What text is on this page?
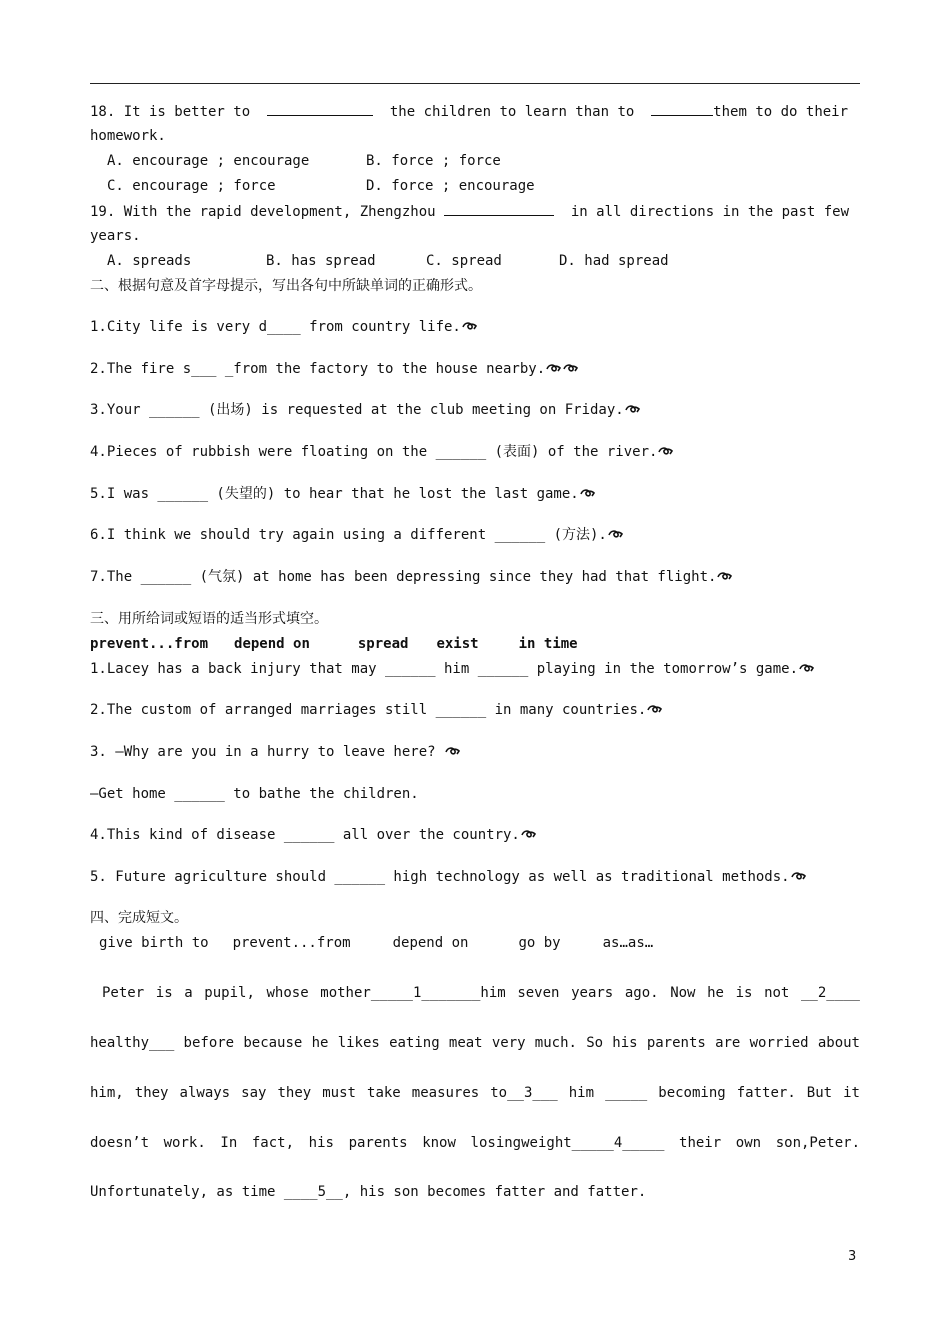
18. It is better to	the children to learn than to	them to do their
homework.
A. encourage ; encourage	B. force ; force
C. encourage ; force	D. force ; encourage
19. With the rapid development, Zhengzhou	in all directions in the past few
years.
A. spreads	B. has spread	C. spread	D. had spread
二、根据句意及首字母提示，写出各句中所缺单词的正确形式。
1.City life is very d____ from country life.
2.The fire s___ _from the factory to the house nearby.
3.Your ______ (出场) is requested at the club meeting on Friday.
4.Pieces of rubbish were floating on the ______ (表面) of the river.
5.I was ______ (失望的) to hear that he lost the last game.
6.I think we should try again using a different ______ (方法).
7.The ______ (气氛) at home has been depressing since they had that flight.
三、用所给词或短语的适当形式填空。
prevent...from depend on	spread exist	in time
1.Lacey has a back injury that may ______ him ______ playing in the tomorrow’s game.
2.The custom of arranged marriages still ______ in many countries.
3. —Why are you in a hurry to leave here?
—Get home ______ to bathe the children.
4.This kind of disease ______ all over the country.
5. Future agriculture should ______ high technology as well as traditional methods.
四、完成短文。
give birth to prevent...from	depend on	go by	as…as…
Peter is a pupil, whose mother_____1_______him seven years ago. Now he is not __2____
healthy___ before because he likes eating meat very much. So his parents are worried about
him, they always say they must take measures to__3___ him _____ becoming fatter. But it
doesn’t work. In fact, his parents know losingweight_____4_____ their own son,Peter.
Unfortunately, as time ____5__, his son becomes fatter and fatter.
3
